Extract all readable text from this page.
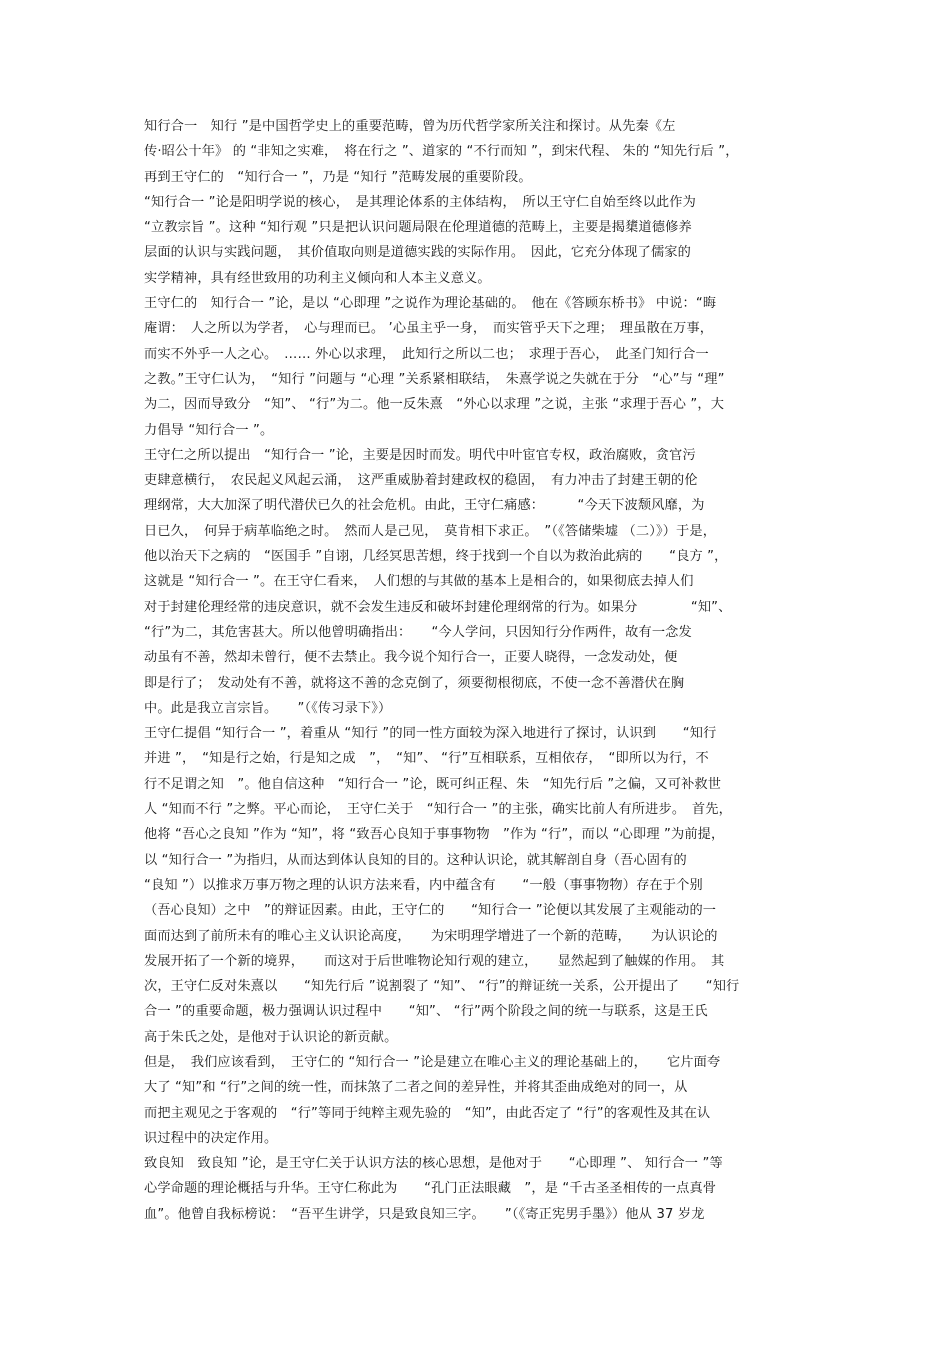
知行合一　知行 ”是中国哲学史上的重要范畴，曾为历代哲学家所关注和探讨。从先秦《左
传·昭公十年》 的 “非知之实难，　将在行之 ”、道家的 “不行而知 ”，到宋代程、 朱的 “知先行后 ”，
再到王守仁的　“知行合一 ”，乃是 “知行 ”范畴发展的重要阶段。
“知行合一 ”论是阳明学说的核心，　是其理论体系的主体结构，　所以王守仁自始至终以此作为
“立教宗旨 ”。这种 “知行观 ”只是把认识问题局限在伦理道德的范畴上，主要是揭橥道德修养
层面的认识与实践问题，　其价值取向则是道德实践的实际作用。　因此，它充分体现了儒家的
实学精神，具有经世致用的功利主义倾向和人本主义意义。
王守仁的　知行合一 ”论，是以 “心即理 ”之说作为理论基础的。　他在《答顾东桥书》 中说：“晦
庵谓：　人之所以为学者，　心与理而已。 ’心虽主乎一身，　而实管乎天下之理；　理虽散在万事，
而实不外乎一人之心。　…… 外心以求理，　此知行之所以二也；　求理于吾心，　此圣门知行合一
之教。”王守仁认为，　“知行 ”问题与 “心理 ”关系紧相联结，　朱熹学说之失就在于分　“心”与 “理”
为二，因而导致分　“知”、 “行”为二。他一反朱熹　“外心以求理 ”之说，主张 “求理于吾心 ”，大
力倡导 “知行合一 ”。
王守仁之所以提出　“知行合一 ”论，主要是因时而发。明代中叶宦官专权，政治腐败，贪官污
吏肆意横行，　农民起义风起云涌，　这严重威胁着封建政权的稳固，　有力冲击了封建王朝的伦
理纲常，大大加深了明代潜伏已久的社会危机。由此，王守仁痛感：　　　“今天下波颓风靡，为
日已久，　何异于病革临绝之时。　然而人是己见，　莫肯相下求正。　”（《答储柴墟 （二）》）于是，
他以治天下之病的　“医国手 ”自诩，几经冥思苦想，终于找到一个自以为救治此病的　　“良方 ”，
这就是 “知行合一 ”。在王守仁看来，　人们想的与其做的基本上是相合的，如果彻底去掉人们
对于封建伦理经常的违戾意识，就不会发生违反和破坏封建伦理纲常的行为。如果分　　　　“知”、
“行”为二，其危害甚大。所以他曾明确指出：　　“今人学问，只因知行分作两件，故有一念发
动虽有不善，然却未曾行，便不去禁止。我今说个知行合一，正要人晓得，一念发动处，便
即是行了；　发动处有不善，就将这不善的念克倒了，须要彻根彻底，不使一念不善潜伏在胸
中。此是我立言宗旨。　　”（《传习录下》）
王守仁提倡 “知行合一 ”，着重从 “知行 ”的同一性方面较为深入地进行了探讨，认识到　　“知行
并进 ”，　“知是行之始，行是知之成　”，　“知”、 “行”互相联系，互相依存，　“即所以为行，不
行不足谓之知　”。他自信这种　“知行合一 ”论，既可纠正程、朱　“知先行后 ”之偏，又可补救世
人 “知而不行 ”之弊。平心而论，　王守仁关于　“知行合一 ”的主张，确实比前人有所进步。　首先，
他将 “吾心之良知 ”作为 “知”，将 “致吾心良知于事事物物　”作为 “行”，而以 “心即理 ”为前提，
以 “知行合一 ”为指归，从而达到体认良知的目的。这种认识论，就其解剖自身（吾心固有的
“良知 ”）以推求万事万物之理的认识方法来看，内中蕴含有　　“一般（事事物物）存在于个别
（吾心良知）之中　”的辩证因素。由此，王守仁的　　“知行合一 ”论便以其发展了主观能动的一
面而达到了前所未有的唯心主义认识论高度，　　为宋明理学增进了一个新的范畴，　　为认识论的
发展开拓了一个新的境界，　　而这对于后世唯物论知行观的建立，　　显然起到了触媒的作用。　其
次，王守仁反对朱熹以　　“知先行后 ”说割裂了 “知”、 “行”的辩证统一关系，公开提出了　　“知行
合一 ”的重要命题，极力强调认识过程中　　“知”、 “行”两个阶段之间的统一与联系，这是王氏
高于朱氏之处，是他对于认识论的新贡献。
但是，　我们应该看到，　王守仁的 “知行合一 ”论是建立在唯心主义的理论基础上的，　　它片面夸
大了 “知”和 “行”之间的统一性，而抹煞了二者之间的差异性，并将其歪曲成绝对的同一，从
而把主观见之于客观的　“行”等同于纯粹主观先验的　“知”，由此否定了 “行”的客观性及其在认
识过程中的决定作用。
致良知　致良知 ”论，是王守仁关于认识方法的核心思想，是他对于　　“心即理 ”、 知行合一 ”等
心学命题的理论概括与升华。王守仁称此为　　“孔门正法眼藏　”，是 “千古圣圣相传的一点真骨
血”。他曾自我标榜说：　“吾平生讲学，只是致良知三字。　　”（《寄正宪男手墨》）他从 37 岁龙
